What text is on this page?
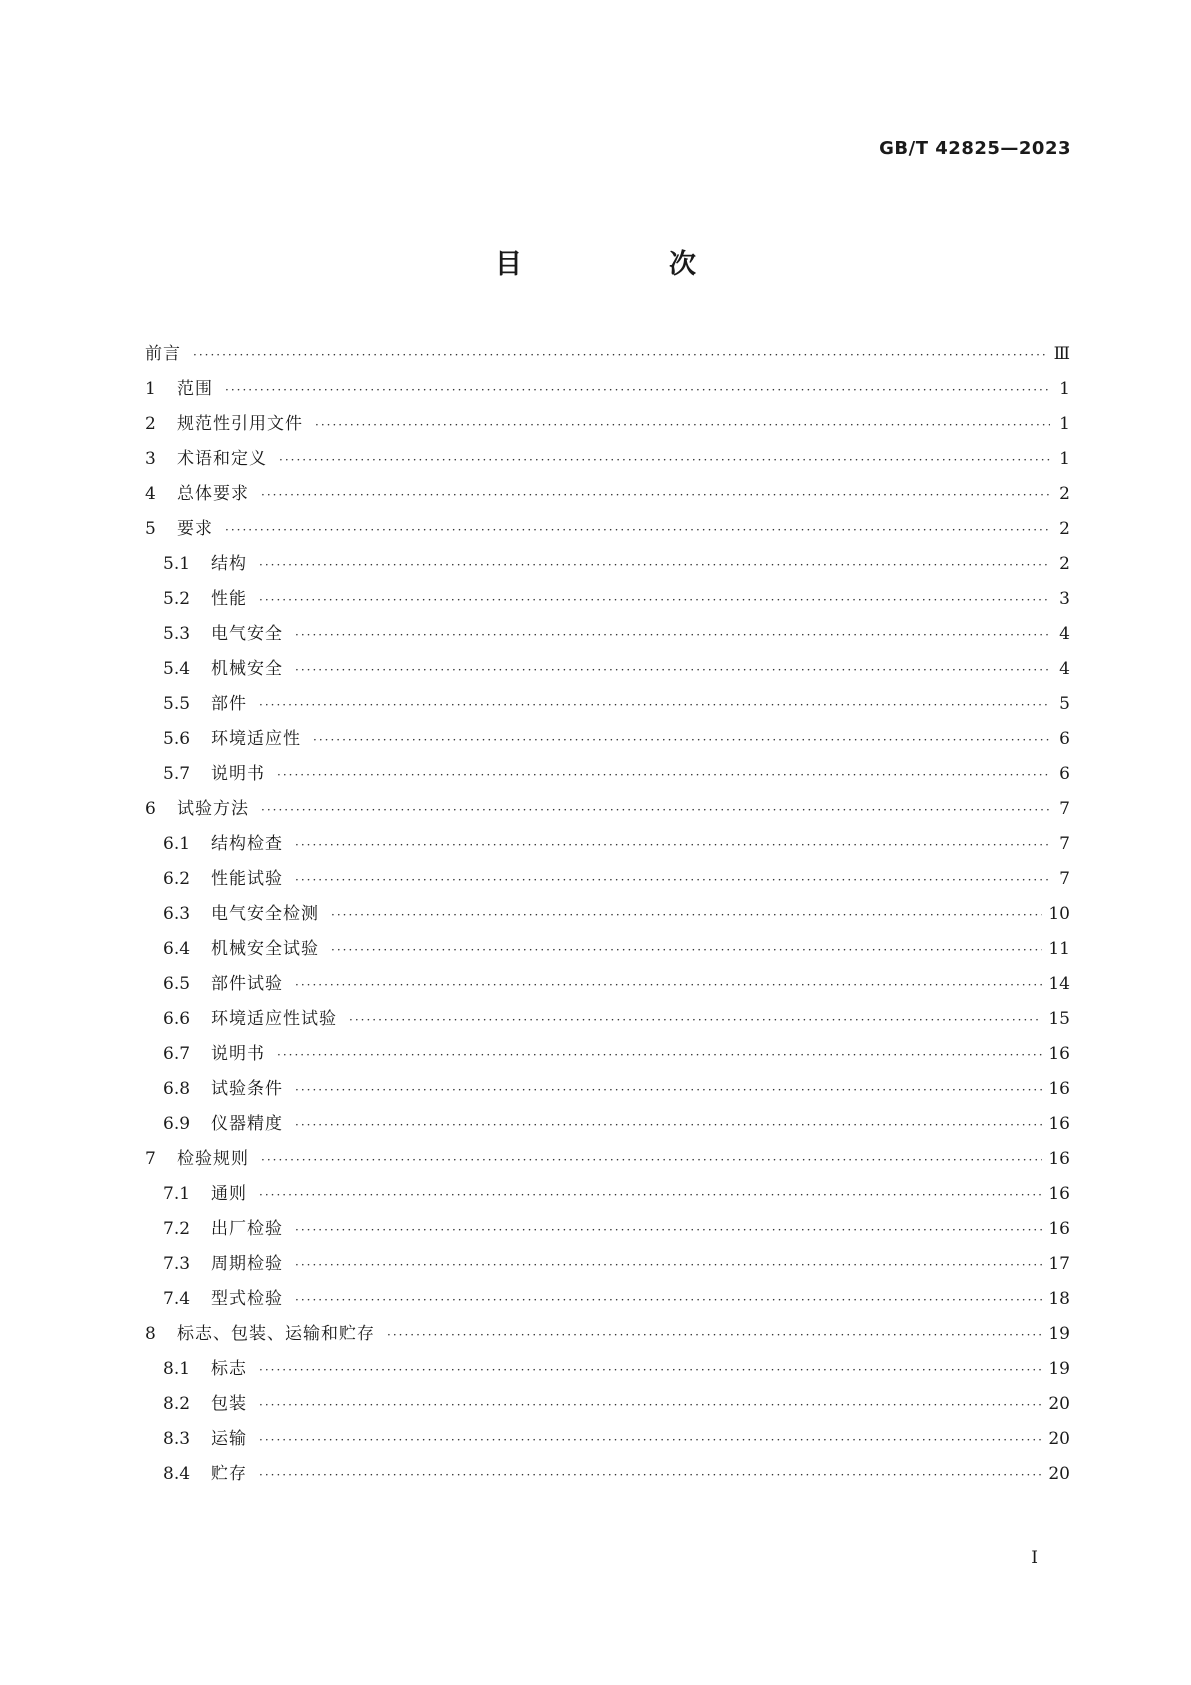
GB/T 42825—2023
目　次
前言 ·····	Ⅲ
1	范围 ·····	1
2	规范性引用文件 ·····	1
3	术语和定义 ·····	1
4	总体要求 ·····	2
5	要求 ·····	2
5.1	结构 ·····	2
5.2	性能 ·····	3
5.3	电气安全 ·····	4
5.4	机械安全 ·····	4
5.5	部件 ·····	5
5.6	环境适应性 ·····	6
5.7	说明书 ·····	6
6	试验方法 ·····	7
6.1	结构检查 ·····	7
6.2	性能试验 ·····	7
6.3	电气安全检测 ·····	10
6.4	机械安全试验 ·····	11
6.5	部件试验 ·····	14
6.6	环境适应性试验 ·····	15
6.7	说明书 ·····	16
6.8	试验条件 ·····	16
6.9	仪器精度 ·····	16
7	检验规则 ·····	16
7.1	通则 ·····	16
7.2	出厂检验 ·····	16
7.3	周期检验 ·····	17
7.4	型式检验 ·····	18
8	标志、包装、运输和贮存 ·····	19
8.1	标志 ·····	19
8.2	包装 ·····	20
8.3	运输 ·····	20
8.4	贮存 ·····	20
Ⅰ
